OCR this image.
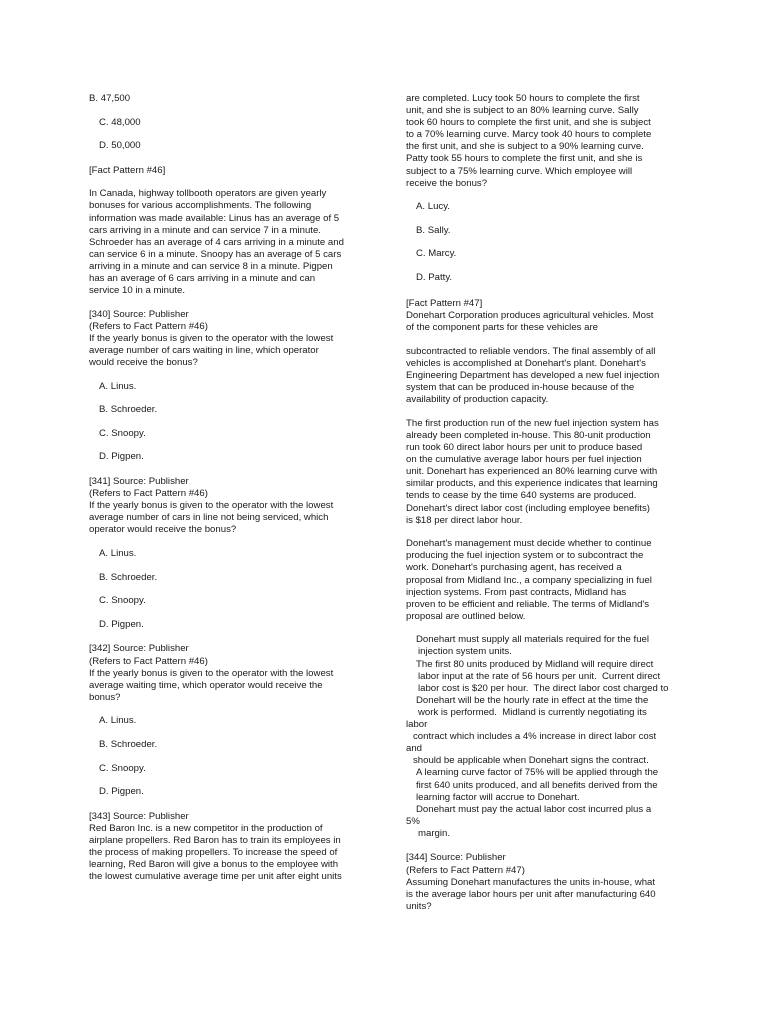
B. 47,500
C. 48,000
D. 50,000
[Fact Pattern #46]
In Canada, highway tollbooth operators are given yearly
bonuses for various accomplishments. The following
information was made available: Linus has an average of 5
cars arriving in a minute and can service 7 in a minute.
Schroeder has an average of 4 cars arriving in a minute and
can service 6 in a minute. Snoopy has an average of 5 cars
arriving in a minute and can service 8 in a minute. Pigpen
has an average of 6 cars arriving in a minute and can
service 10 in a minute.
[340] Source: Publisher
(Refers to Fact Pattern #46)
If the yearly bonus is given to the operator with the lowest
average number of cars waiting in line, which operator
would receive the bonus?
A. Linus.
B. Schroeder.
C. Snoopy.
D. Pigpen.
[341] Source: Publisher
(Refers to Fact Pattern #46)
If the yearly bonus is given to the operator with the lowest
average number of cars in line not being serviced, which
operator would receive the bonus?
A. Linus.
B. Schroeder.
C. Snoopy.
D. Pigpen.
[342] Source: Publisher
(Refers to Fact Pattern #46)
If the yearly bonus is given to the operator with the lowest
average waiting time, which operator would receive the
bonus?
A. Linus.
B. Schroeder.
C. Snoopy.
D. Pigpen.
[343] Source: Publisher
Red Baron Inc. is a new competitor in the production of
airplane propellers. Red Baron has to train its employees in
the process of making propellers. To increase the speed of
learning, Red Baron will give a bonus to the employee with
the lowest cumulative average time per unit after eight units
are completed. Lucy took 50 hours to complete the first
unit, and she is subject to an 80% learning curve. Sally
took 60 hours to complete the first unit, and she is subject
to a 70% learning curve. Marcy took 40 hours to complete
the first unit, and she is subject to a 90% learning curve.
Patty took 55 hours to complete the first unit, and she is
subject to a 75% learning curve. Which employee will
receive the bonus?
A. Lucy.
B. Sally.
C. Marcy.
D. Patty.
[Fact Pattern #47]
Donehart Corporation produces agricultural vehicles. Most
of the component parts for these vehicles are
subcontracted to reliable vendors. The final assembly of all
vehicles is accomplished at Donehart's plant. Donehart's
Engineering Department has developed a new fuel injection
system that can be produced in-house because of the
availability of production capacity.
The first production run of the new fuel injection system has
already been completed in-house. This 80-unit production
run took 60 direct labor hours per unit to produce based
on the cumulative average labor hours per fuel injection
unit. Donehart has experienced an 80% learning curve with
similar products, and this experience indicates that learning
tends to cease by the time 640 systems are produced.
Donehart's direct labor cost (including employee benefits)
is $18 per direct labor hour.
Donehart's management must decide whether to continue
producing the fuel injection system or to subcontract the
work. Donehart's purchasing agent, has received a
proposal from Midland Inc., a company specializing in fuel
injection systems. From past contracts, Midland has
proven to be efficient and reliable. The terms of Midland's
proposal are outlined below.
Donehart must supply all materials required for the fuel
injection system units.
The first 80 units produced by Midland will require direct
labor input at the rate of 56 hours per unit.  Current direct
labor cost is $20 per hour.  The direct labor cost charged to
Donehart will be the hourly rate in effect at the time the
work is performed.  Midland is currently negotiating its
labor
contract which includes a 4% increase in direct labor cost
and
should be applicable when Donehart signs the contract.
A learning curve factor of 75% will be applied through the
first 640 units produced, and all benefits derived from the
learning factor will accrue to Donehart.
Donehart must pay the actual labor cost incurred plus a
5%
margin.
[344] Source: Publisher
(Refers to Fact Pattern #47)
Assuming Donehart manufactures the units in-house, what
is the average labor hours per unit after manufacturing 640
units?
